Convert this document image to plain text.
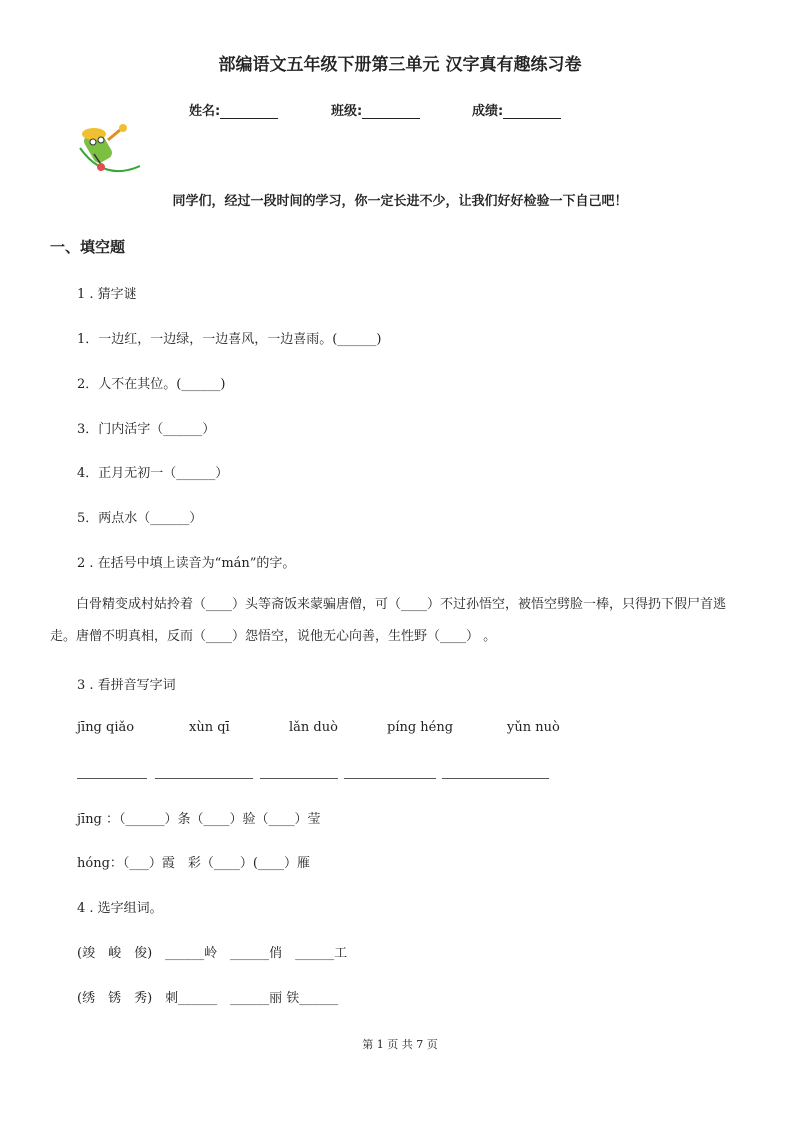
部编语文五年级下册第三单元 汉字真有趣练习卷
姓名:	班级:	成绩:
同学们，经过一段时间的学习，你一定长进不少，让我们好好检验一下自己吧！
一、填空题
1 . 猜字谜
1．一边红，一边绿，一边喜风，一边喜雨。(______)
2．人不在其位。(______)
3．门内活字（______）
4．正月无初一（______）
5．两点水（______）
2 . 在括号中填上读音为“mán”的字。
白骨精变成村姑拎着（____）头等斋饭来蒙骗唐僧，可（____）不过孙悟空，被悟空劈脸一棒，只得扔下假尸首逃走。唐僧不明真相，反而（____）怨悟空，说他无心向善，生性野（____） 。
3 . 看拼音写字词
jīng qiǎo	xùn qī	lǎn duò	píng héng	yǔn nuò
jīng ：（______）条（____）验（____）莹
hóng：（___）霞　彩（____）(____）雁
4 . 选字组词。
(竣　峻　俊)　______岭　______俏　______工
(绣　锈　秀)　刺______　______丽 铁______
第 1 页 共 7 页
